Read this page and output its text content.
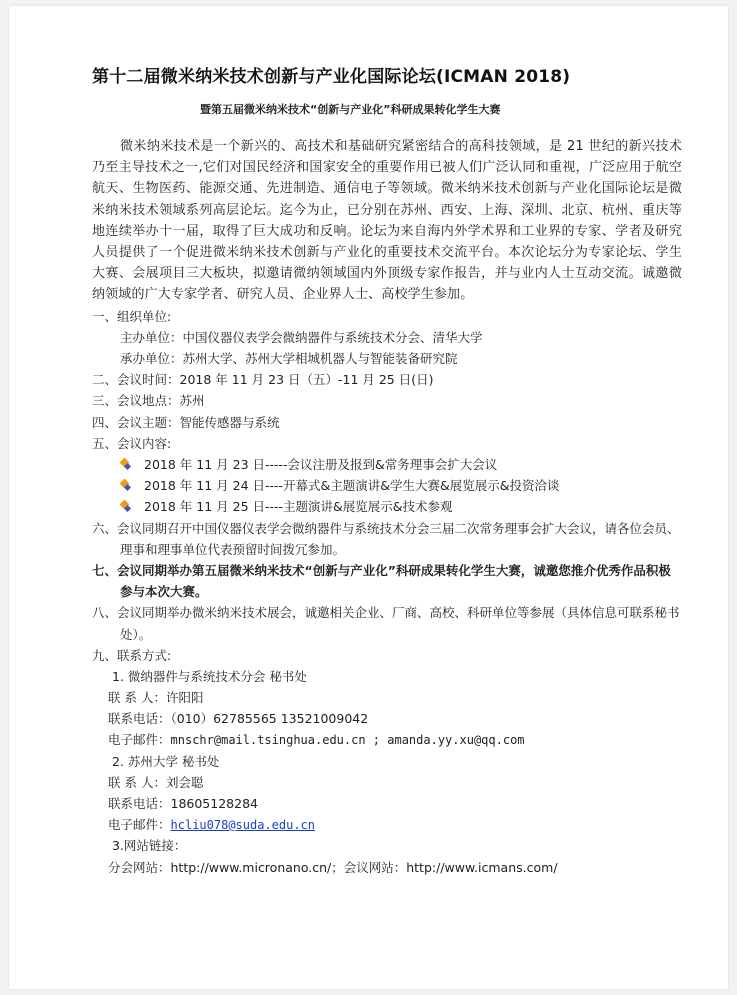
第十二届微米纳米技术创新与产业化国际论坛(ICMAN 2018)
暨第五届微米纳米技术“创新与产业化”科研成果转化学生大赛

微米纳米技术是一个新兴的、高技术和基础研究紧密结合的高科技领域，是 21 世纪的新兴技术乃至主导技术之一,它们对国民经济和国家安全的重要作用已被人们广泛认同和重视，广泛应用于航空航天、生物医药、能源交通、先进制造、通信电子等领域。微米纳米技术创新与产业化国际论坛是微米纳米技术领域系列高层论坛。迄今为止，已分别在苏州、西安、上海、深圳、北京、杭州、重庆等地连续举办十一届，取得了巨大成功和反响。论坛为来自海内外学术界和工业界的专家、学者及研究人员提供了一个促进微米纳米技术创新与产业化的重要技术交流平台。本次论坛分为专家论坛、学生大赛、会展项目三大板块，拟邀请微纳领域国内外顶级专家作报告，并与业内人士互动交流。诚邀微纳领域的广大专家学者、研究人员、企业界人士、高校学生参加。

一、组织单位:
主办单位：中国仪器仪表学会微纳器件与系统技术分会、清华大学
承办单位：苏州大学、苏州大学相城机器人与智能装备研究院
二、会议时间：2018 年 11 月 23 日（五）-11 月 25 日(日)
三、会议地点：苏州
四、会议主题：智能传感器与系统
五、会议内容:
2018 年 11 月 23 日-----会议注册及报到&常务理事会扩大会议
2018 年 11 月 24 日----开幕式&主题演讲&学生大赛&展览展示&投资洽谈
2018 年 11 月 25 日----主题演讲&展览展示&技术参观
六、会议同期召开中国仪器仪表学会微纳器件与系统技术分会三届二次常务理事会扩大会议，请各位会员、理事和理事单位代表预留时间拨冗参加。
七、会议同期举办第五届微米纳米技术“创新与产业化”科研成果转化学生大赛，诚邀您推介优秀作品积极参与本次大赛。
八、会议同期举办微米纳米技术展会，诚邀相关企业、厂商、高校、科研单位等参展（具体信息可联系秘书处）。
九、联系方式:
1. 微纳器件与系统技术分会 秘书处
联 系 人：许阳阳
联系电话：（010）62785565 13521009042
电子邮件：mnschr@mail.tsinghua.edu.cn ; amanda.yy.xu@qq.com
2. 苏州大学 秘书处
联 系 人：刘会聪
联系电话：18605128284
电子邮件：hcliu078@suda.edu.cn
3.网站链接：
分会网站：http://www.micronano.cn/；会议网站：http://www.icmans.com/
